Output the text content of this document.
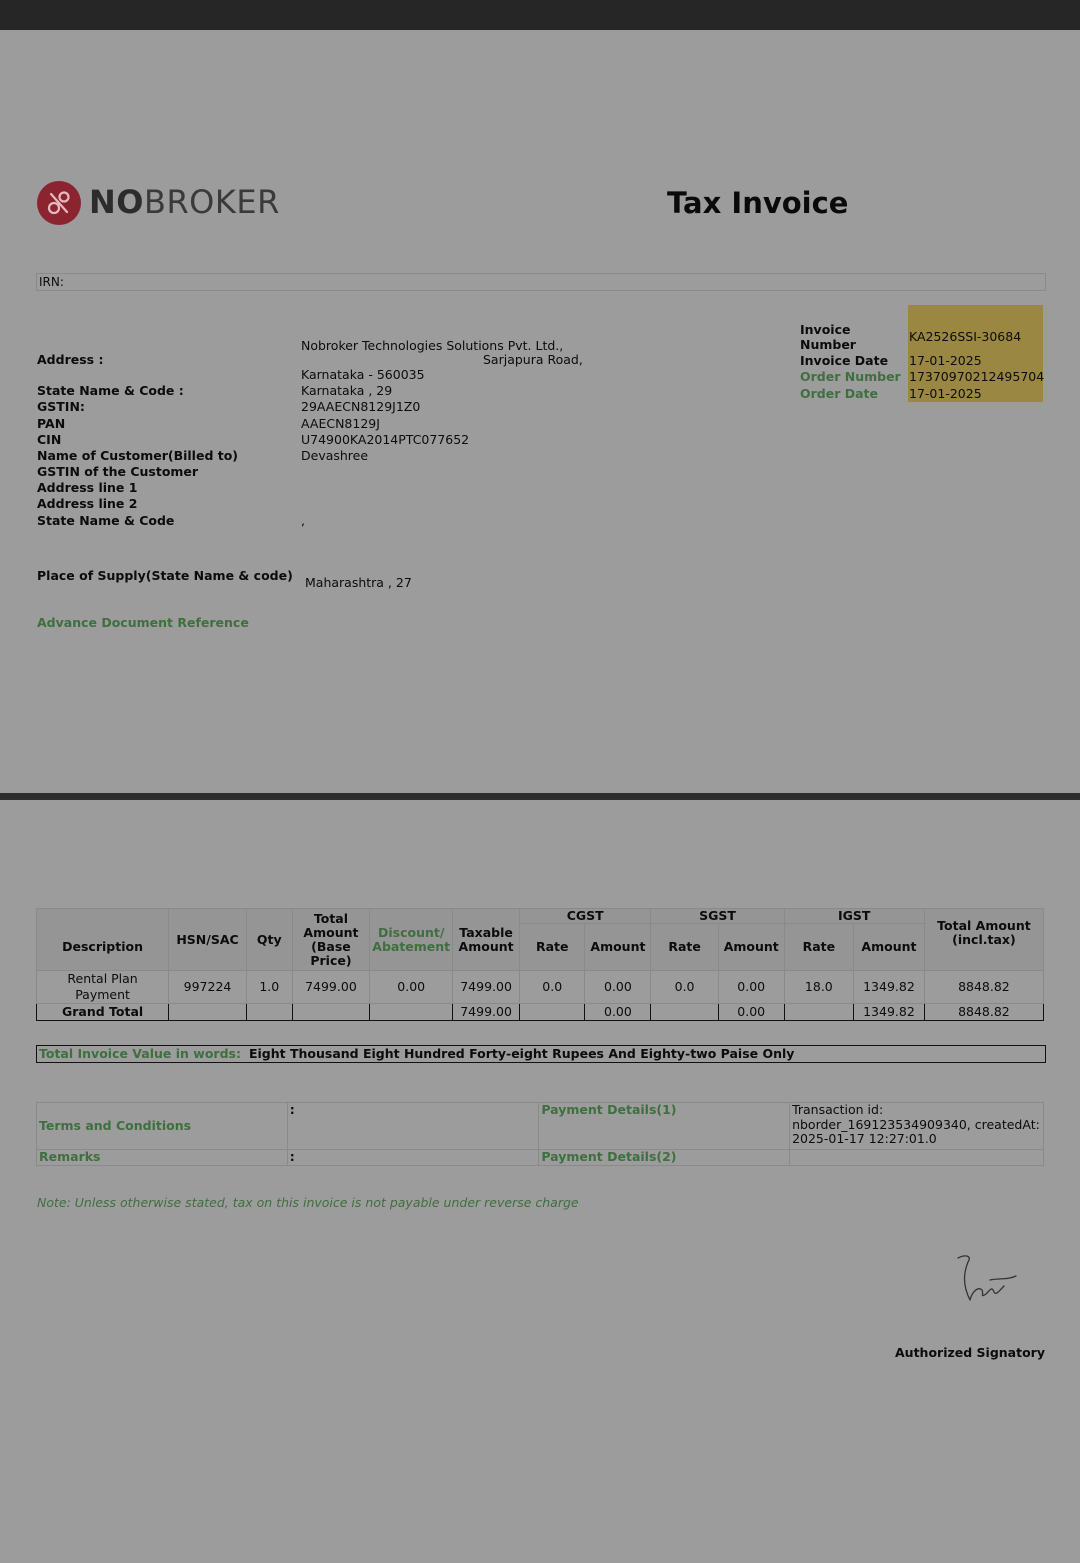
NOBROKER	Tax Invoice
IRN:
Nobroker Technologies Solutions Pvt. Ltd.,
Address :	Sarjapura Road,
Karnataka - 560035
State Name & Code :	Karnataka , 29
GSTIN:	29AAECN8129J1Z0
PAN	AAECN8129J
CIN	U74900KA2014PTC077652
Name of Customer(Billed to)	Devashree
GSTIN of the Customer
Address line 1
Address line 2
State Name & Code	,
Place of Supply(State Name & code) Maharashtra , 27
Advance Document Reference
Invoice
Number
KA2526SSI-30684
Invoice Date 17-01-2025
Order Number 17370970212495704
Order Date 17-01-2025
Description	HSN/SAC	Qty	Total Amount (Base Price)	Discount/ Abatement	Taxable Amount	CGST		SGST		IGST		Total Amount (incl.tax)
						Rate	Amount	Rate	Amount	Rate	Amount	
Rental Plan Payment	997224	1.0	7499.00	0.00	7499.00	0.0	0.00	0.0	0.00	18.0	1349.82	8848.82
Grand Total					7499.00		0.00		0.00		1349.82	8848.82
Total Invoice Value in words: Eight Thousand Eight Hundred Forty-eight Rupees And Eighty-two Paise Only
Terms and Conditions	:	Payment Details(1)	Transaction id:
nborder_169123534909340, createdAt:
2025-01-17 12:27:01.0

Remarks	:	Payment Details(2)	
Note: Unless otherwise stated, tax on this invoice is not payable under reverse charge
Authorized Signatory
